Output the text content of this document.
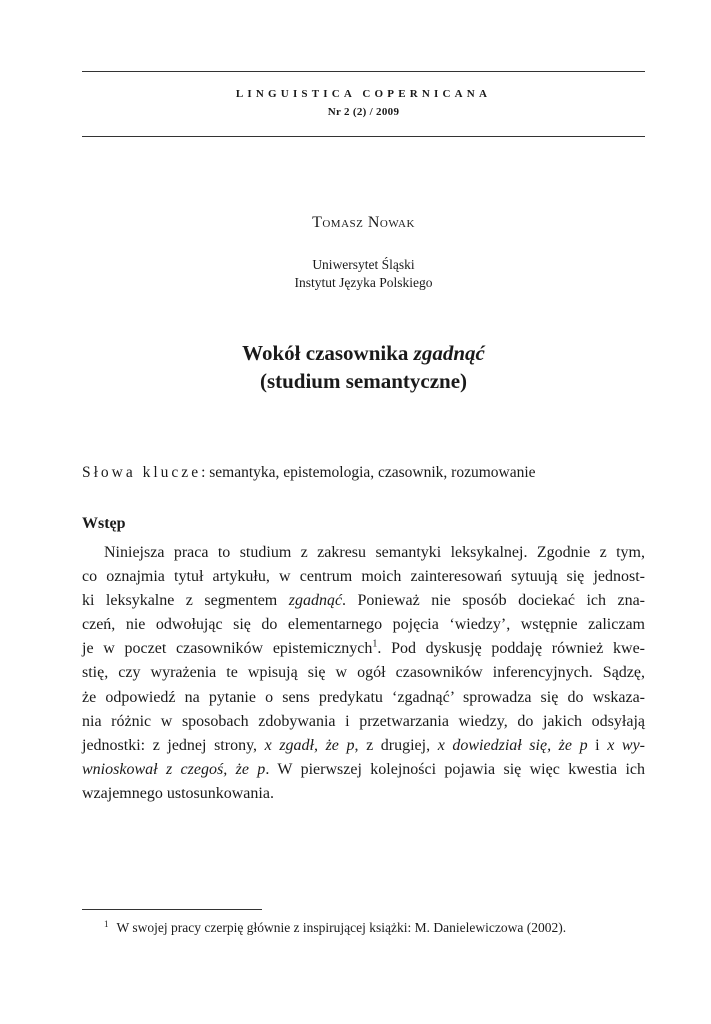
LINGUISTICA COPERNICANA
Nr 2 (2) / 2009
Tomasz Nowak
Uniwersytet Śląski
Instytut Języka Polskiego
Wokół czasownika zgadnąć
(studium semantyczne)
Słowa klucze: semantyka, epistemologia, czasownik, rozumowanie
Wstęp
Niniejsza praca to studium z zakresu semantyki leksykalnej. Zgodnie z tym,
co oznajmia tytuł artykułu, w centrum moich zainteresowań sytuują się jednost-
ki leksykalne z segmentem zgadnąć. Ponieważ nie sposób dociekać ich zna-
czeń, nie odwołując się do elementarnego pojęcia ‘wiedzy’, wstępnie zaliczam
je w poczet czasowników epistemicznych$^1$. Pod dyskusję poddaję również kwe-
stię, czy wyrażenia te wpisują się w ogół czasowników inferencyjnych. Sądzę,
że odpowiedź na pytanie o sens predykatu ‘zgadnąć’ sprowadza się do wskaza-
nia różnic w sposobach zdobywania i przetwarzania wiedzy, do jakich odsyłają
jednostki: z jednej strony, x zgadł, że p, z drugiej, x dowiedział się, że p i x wy-
wnioskował z czegoś, że p. W pierwszej kolejności pojawia się więc kwestia ich
wzajemnego ustosunkowania.
$^1$ W swojej pracy czerpię głównie z inspirującej książki: M. Danielewiczowa (2002).
